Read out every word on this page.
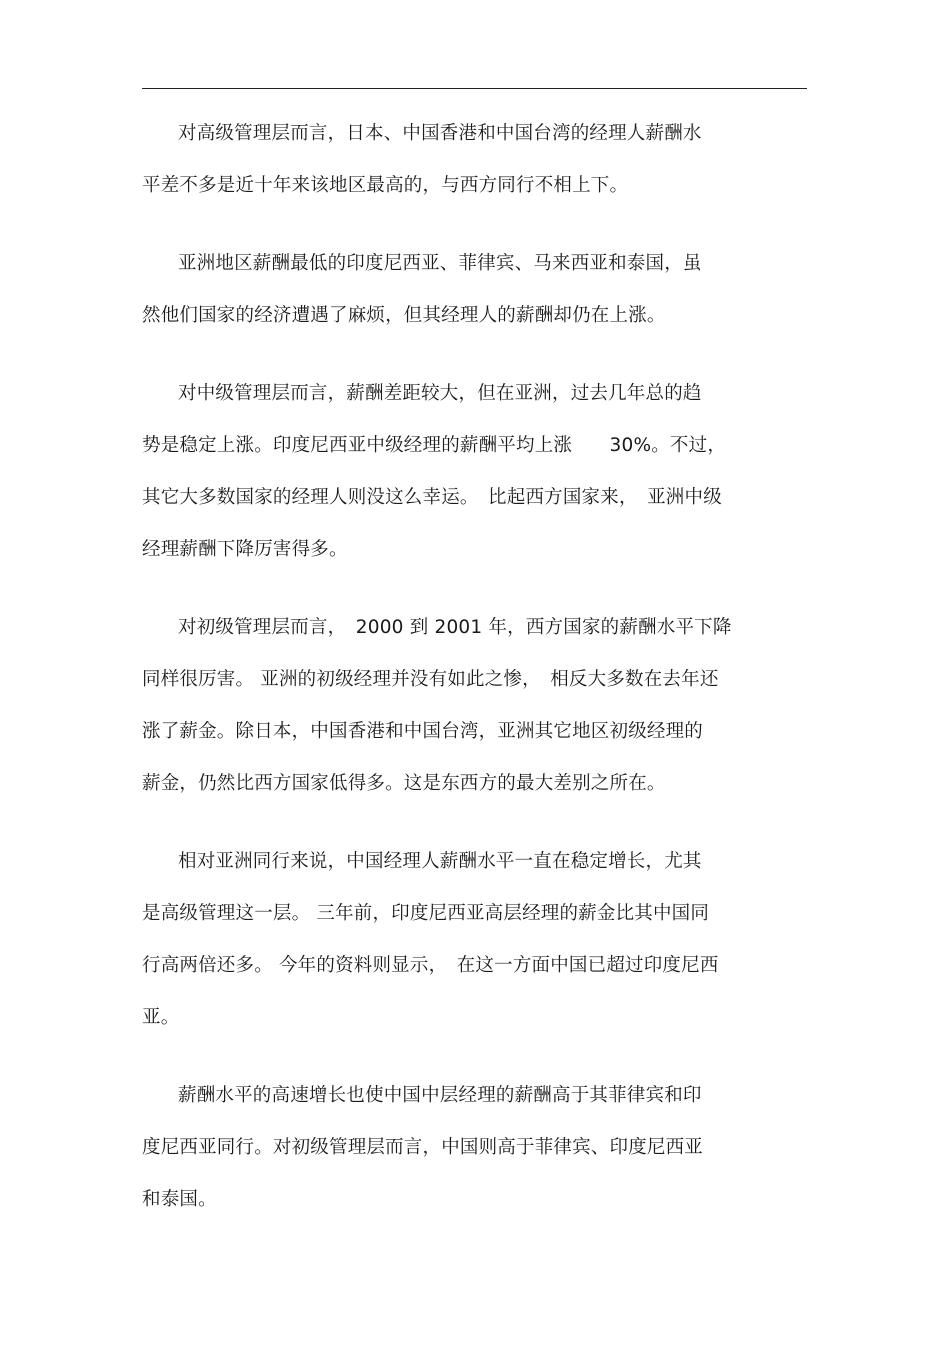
对高级管理层而言，日本、中国香港和中国台湾的经理人薪酬水
平差不多是近十年来该地区最高的，与西方同行不相上下。
亚洲地区薪酬最低的印度尼西亚、菲律宾、马来西亚和泰国，虽
然他们国家的经济遭遇了麻烦，但其经理人的薪酬却仍在上涨。
对中级管理层而言，薪酬差距较大，但在亚洲，过去几年总的趋
势是稳定上涨。印度尼西亚中级经理的薪酬平均上涨　　30%。不过，
其它大多数国家的经理人则没这么幸运。　比起西方国家来，　亚洲中级
经理薪酬下降厉害得多。
对初级管理层而言，　2000 到 2001 年，西方国家的薪酬水平下降
同样很厉害。 亚洲的初级经理并没有如此之惨，　相反大多数在去年还
涨了薪金。除日本，中国香港和中国台湾，亚洲其它地区初级经理的
薪金，仍然比西方国家低得多。这是东西方的最大差别之所在。
相对亚洲同行来说，中国经理人薪酬水平一直在稳定增长，尤其
是高级管理这一层。 三年前，印度尼西亚高层经理的薪金比其中国同
行高两倍还多。 今年的资料则显示，　在这一方面中国已超过印度尼西
亚。
薪酬水平的高速增长也使中国中层经理的薪酬高于其菲律宾和印
度尼西亚同行。对初级管理层而言，中国则高于菲律宾、印度尼西亚
和泰国。
